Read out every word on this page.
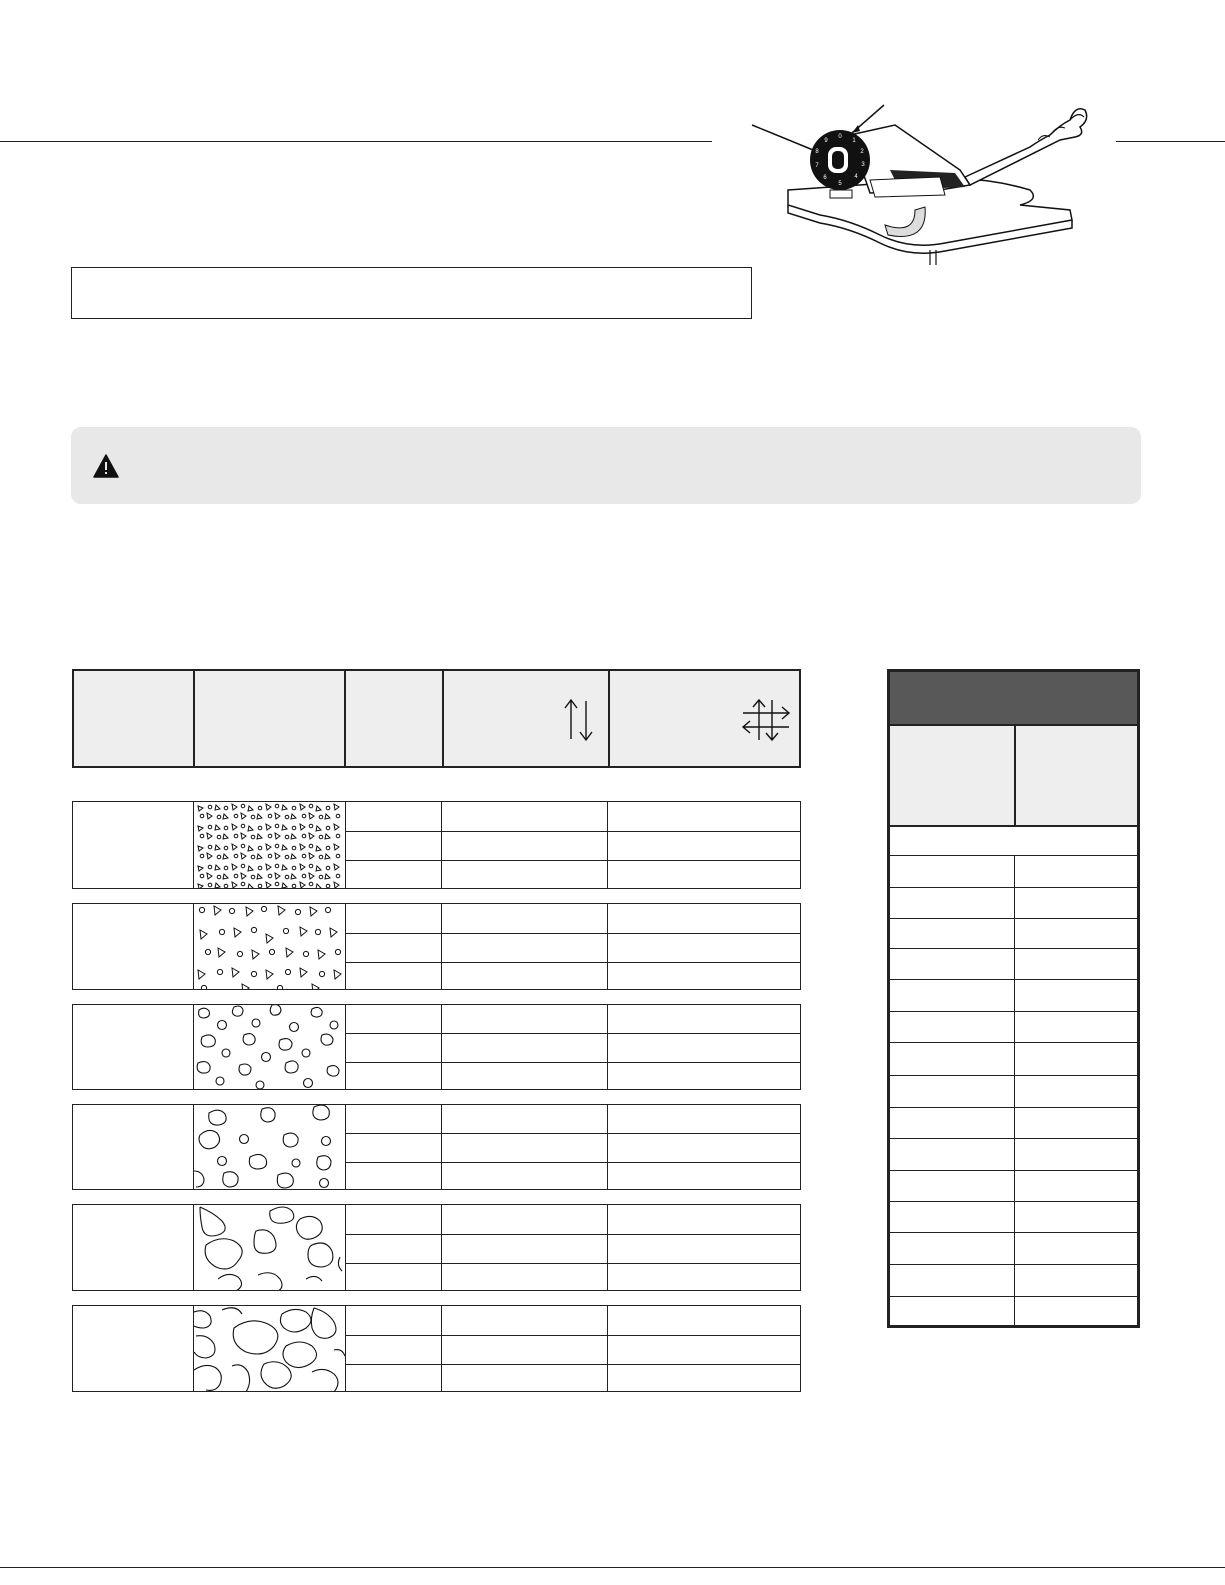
0
1
2
3
4
5
6
7
8
9
